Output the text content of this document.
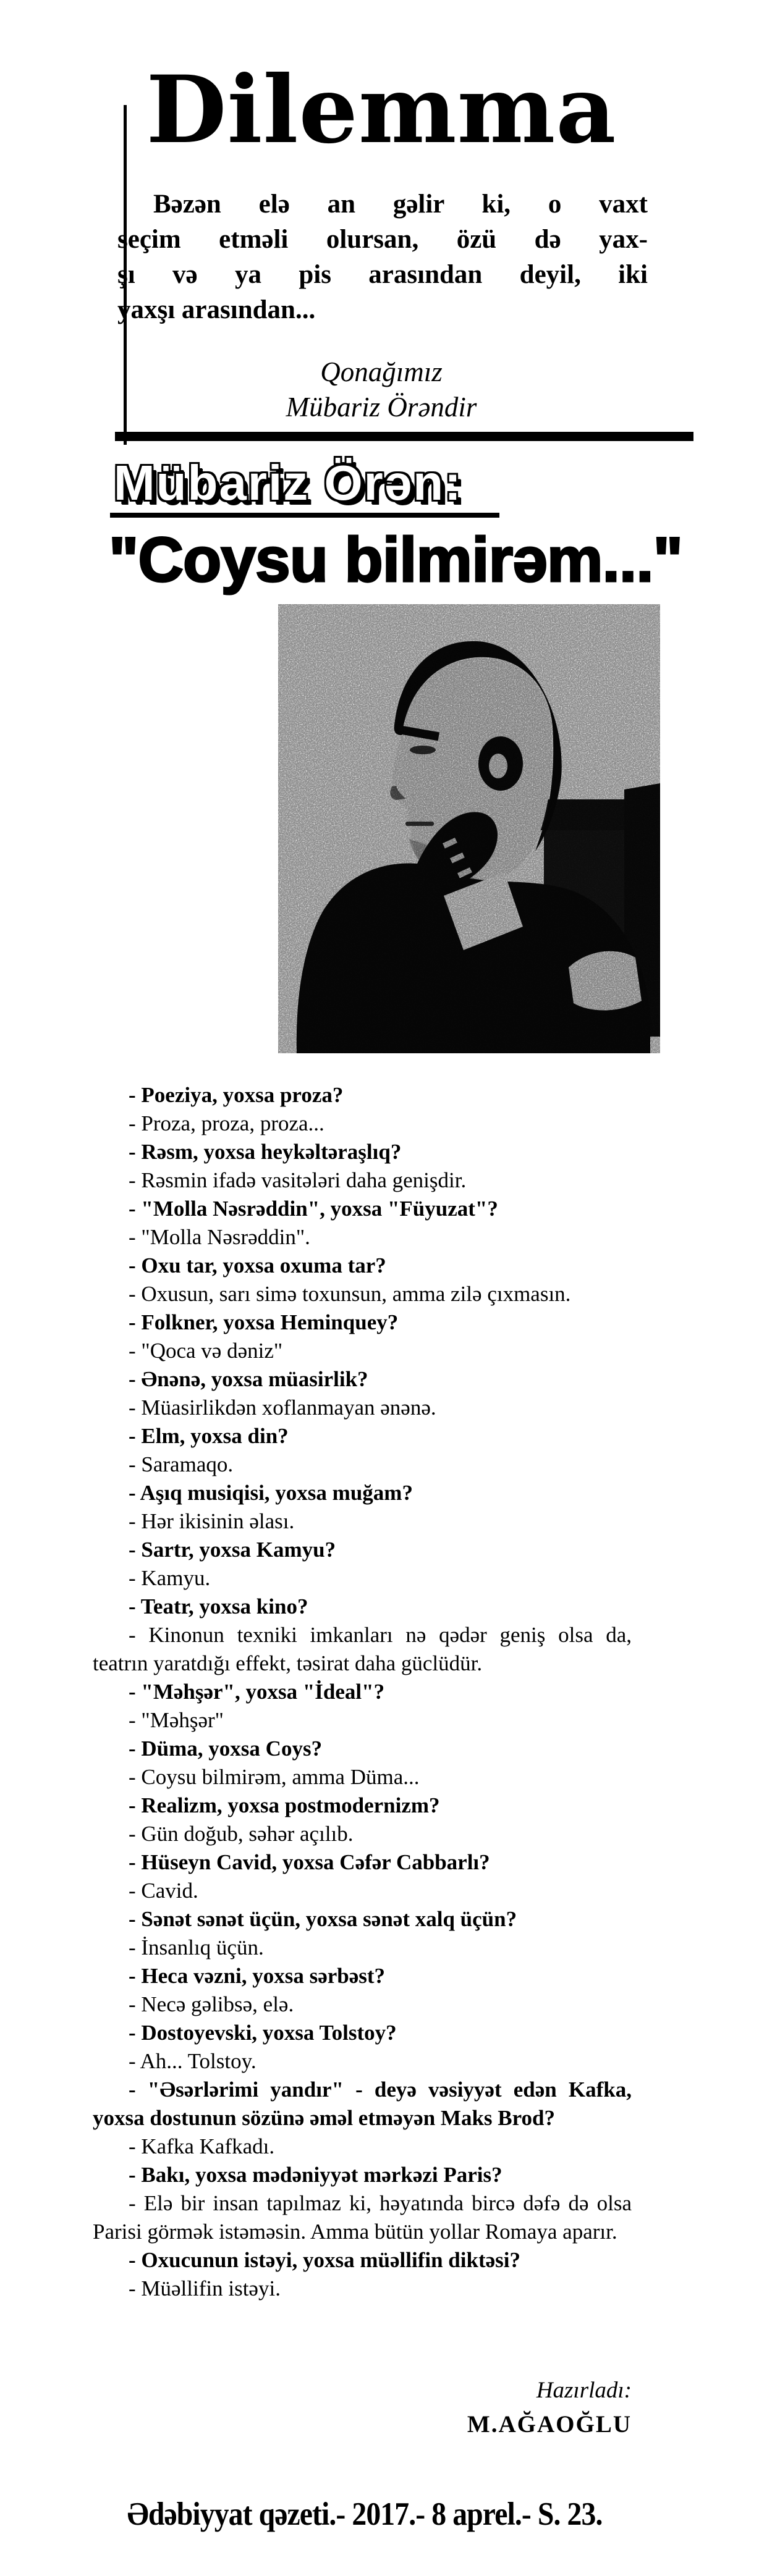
Dilemma
Bəzən elə an gəlir ki, o vaxt
seçim etməli olursan, özü də yax-
şı və ya pis arasından deyil, iki
yaxşı arasından...
Qonağımız
Mübariz Örəndir
Mübariz Örən:
"Coysu bilmirəm..."

- Poeziya, yoxsa proza?

- Proza, proza, proza...

- Rəsm, yoxsa heykəltəraşlıq?

- Rəsmin ifadə vasitələri daha genişdir.

- "Molla Nəsrəddin", yoxsa "Füyuzat"?

- "Molla Nəsrəddin".

- Oxu tar, yoxsa oxuma tar?

- Oxusun, sarı simə toxunsun, amma zilə çıxmasın.

- Folkner, yoxsa Heminquey?

- "Qoca və dəniz"

- Ənənə, yoxsa müasirlik?

- Müasirlikdən xoflanmayan ənənə.

- Elm, yoxsa din?

- Saramaqo.

- Aşıq musiqisi, yoxsa muğam?

- Hər ikisinin əlası.

- Sartr, yoxsa Kamyu?

- Kamyu.

- Teatr, yoxsa kino?

- Kinonun texniki imkanları nə qədər geniş olsa da, teatrın yaratdığı effekt, təsirat daha güclüdür.

- "Məhşər", yoxsa "İdeal"?

- "Məhşər"

- Düma, yoxsa Coys?

- Coysu bilmirəm, amma Düma...

- Realizm, yoxsa postmodernizm?

- Gün doğub, səhər açılıb.

- Hüseyn Cavid, yoxsa Cəfər Cabbarlı?

- Cavid.

- Sənət sənət üçün, yoxsa sənət xalq üçün?

- İnsanlıq üçün.

- Heca vəzni, yoxsa sərbəst?

- Necə gəlibsə, elə.

- Dostoyevski, yoxsa Tolstoy?

- Ah... Tolstoy.

- "Əsərlərimi yandır" - deyə vəsiyyət edən Kafka, yoxsa dostunun sözünə əməl etməyən Maks Brod?

- Kafka Kafkadı.

- Bakı, yoxsa mədəniyyət mərkəzi Paris?

- Elə bir insan tapılmaz ki, həyatında bircə dəfə də olsa Parisi görmək istəməsin. Amma bütün yollar Romaya aparır.

- Oxucunun istəyi, yoxsa müəllifin diktəsi?

- Müəllifin istəyi.

Hazırladı:
M.AĞAOĞLU
Ədəbiyyat qəzeti.- 2017.- 8 aprel.- S. 23.
